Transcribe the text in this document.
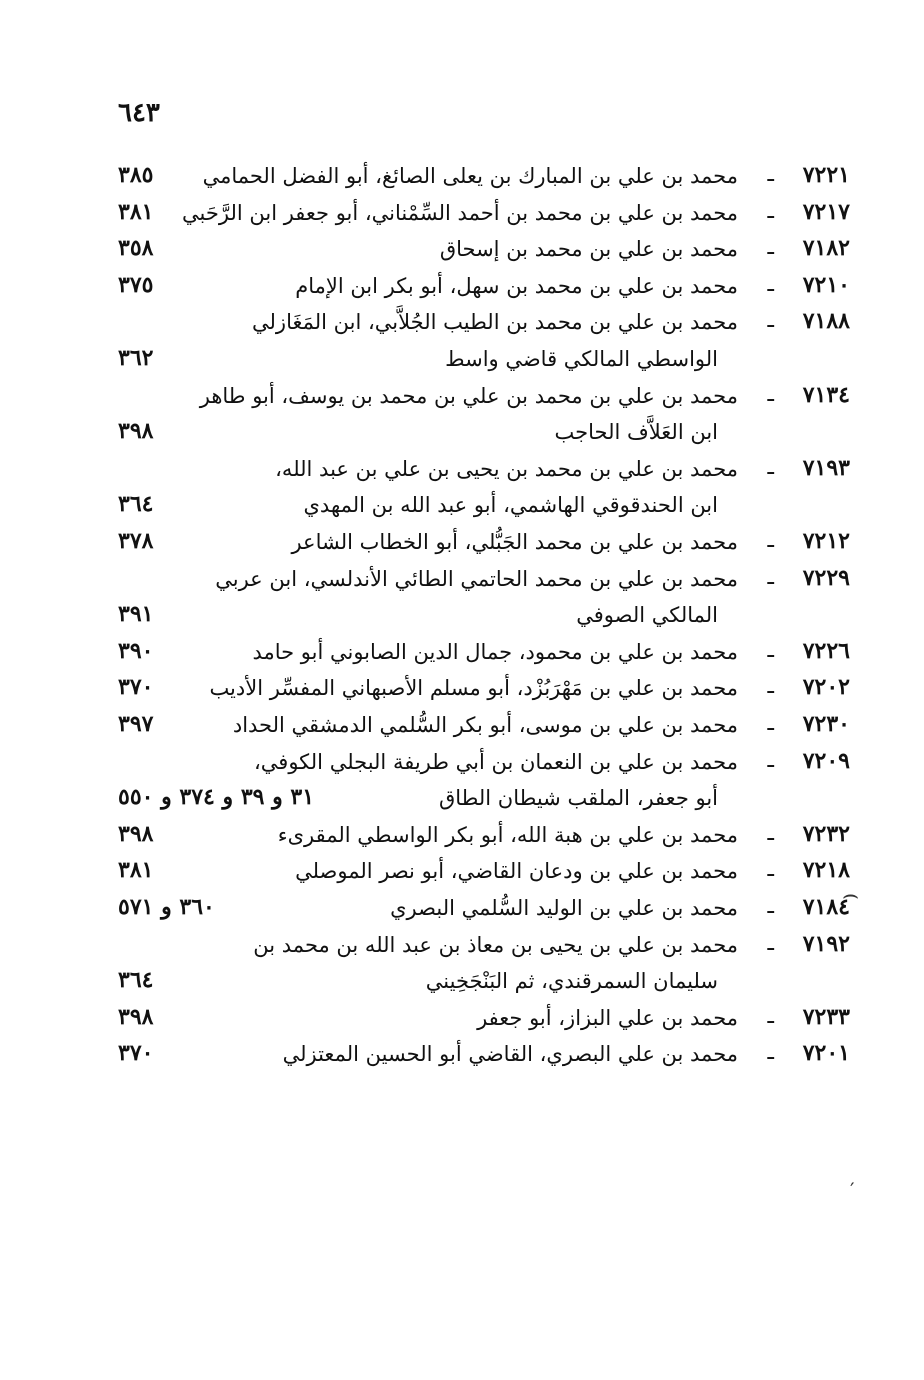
٦٤٣
٧٢٢١
ـ
محمد بن علي بن المبارك بن يعلى الصائغ، أبو الفضل الحمامي
٣٨٥
٧٢١٧
ـ
محمد بن علي بن محمد بن أحمد السِّمْناني، أبو جعفر ابن الرَّحَبي
٣٨١
٧١٨٢
ـ
محمد بن علي بن محمد بن إسحاق
٣٥٨
٧٢١٠
ـ
محمد بن علي بن محمد بن سهل، أبو بكر ابن الإمام
٣٧٥
٧١٨٨
ـ
محمد بن علي بن محمد بن الطيب الجُلاَّبي، ابن المَغَازلي
الواسطي المالكي قاضي واسط
٣٦٢
٧١٣٤
ـ
محمد بن علي بن محمد بن علي بن محمد بن يوسف، أبو طاهر
ابن العَلاَّف الحاجب
٣٩٨
٧١٩٣
ـ
محمد بن علي بن محمد بن يحيى بن علي بن عبد الله،
ابن الحندقوقي الهاشمي، أبو عبد الله بن المهدي
٣٦٤
٧٢١٢
ـ
محمد بن علي بن محمد الجَبُّلي، أبو الخطاب الشاعر
٣٧٨
٧٢٢٩
ـ
محمد بن علي بن محمد الحاتمي الطائي الأندلسي، ابن عربي
المالكي الصوفي
٣٩١
٧٢٢٦
ـ
محمد بن علي بن محمود، جمال الدين الصابوني أبو حامد
٣٩٠
٧٢٠٢
ـ
محمد بن علي بن مَهْرَبُزْد، أبو مسلم الأصبهاني المفسِّر الأديب
٣٧٠
٧٢٣٠
ـ
محمد بن علي بن موسى، أبو بكر السُّلمي الدمشقي الحداد
٣٩٧
٧٢٠٩
ـ
محمد بن علي بن النعمان بن أبي طريفة البجلي الكوفي،
أبو جعفر، الملقب شيطان الطاق
٣١ و ٣٩ و ٣٧٤ و ٥٥٠
٧٢٣٢
ـ
محمد بن علي بن هبة الله، أبو بكر الواسطي المقرىء
٣٩٨
٧٢١٨
ـ
محمد بن علي بن ودعان القاضي، أبو نصر الموصلي
٣٨١
٧١٨٤
ـ
محمد بن علي بن الوليد السُّلمي البصري
٣٦٠ و ٥٧١
٧١٩٢
ـ
محمد بن علي بن يحيى بن معاذ بن عبد الله بن محمد بن
سليمان السمرقندي، ثم البَنْجَخِيني
٣٦٤
٧٢٣٣
ـ
محمد بن علي البزاز، أبو جعفر
٣٩٨
٧٢٠١
ـ
محمد بن علي البصري، القاضي أبو الحسين المعتزلي
٣٧٠
⌢
′
